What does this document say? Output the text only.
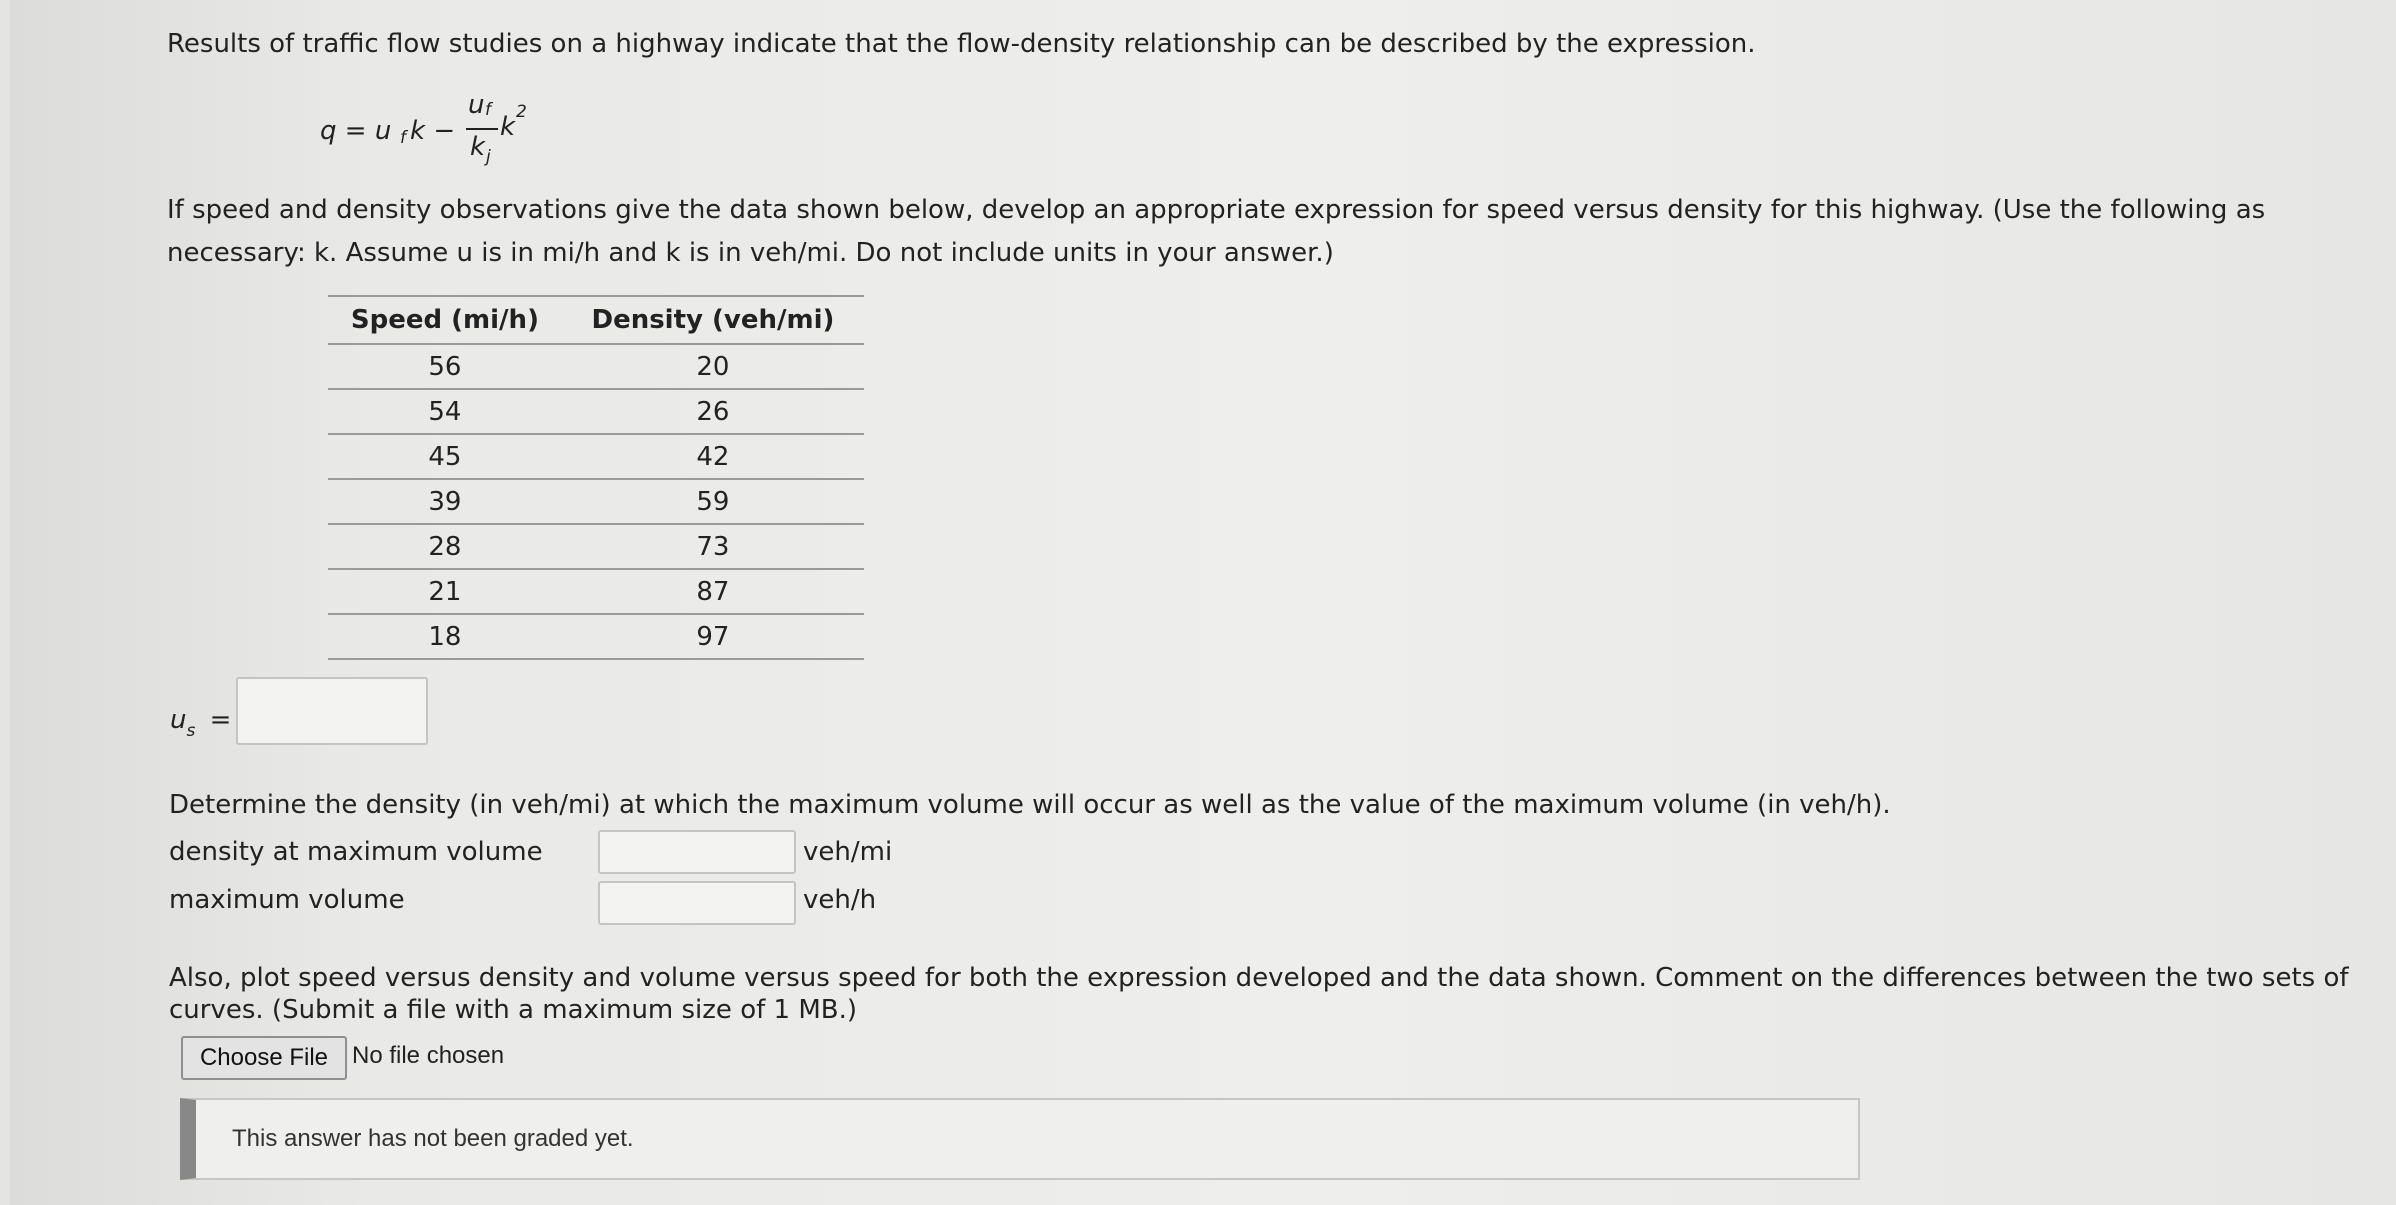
Results of traffic flow studies on a highway indicate that the flow-density relationship can be described by the expression.
q = u f k −
u f
k j
k 2
If speed and density observations give the data shown below, develop an appropriate expression for speed versus density for this highway. (Use the following as
necessary: k. Assume u is in mi/h and k is in veh/mi. Do not include units in your answer.)
Speed (mi/h)	Density (veh/mi)
56	20
54	26
45	42
39	59
28	73
21	87
18	97
$u_s$ =
Determine the density (in veh/mi) at which the maximum volume will occur as well as the value of the maximum volume (in veh/h).
density at maximum volume	veh/mi
maximum volume	veh/h
Also, plot speed versus density and volume versus speed for both the expression developed and the data shown. Comment on the differences between the two sets of
curves. (Submit a file with a maximum size of 1 MB.)
Choose File No file chosen
This answer has not been graded yet.
